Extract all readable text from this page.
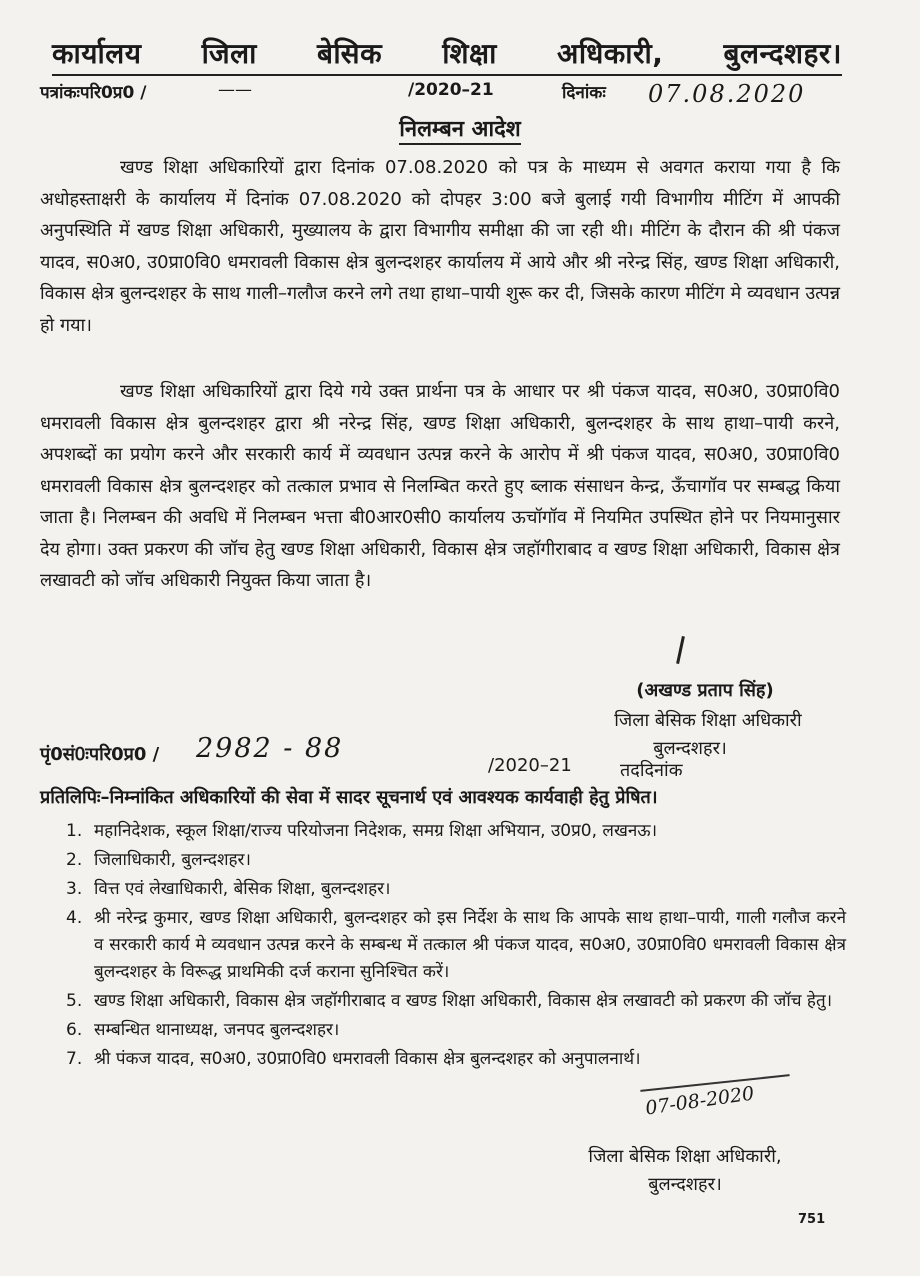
कार्यालय जिला बेसिक शिक्षा अधिकारी, बुलन्दशहर।
पत्रांकःपरि0प्र0 /	——	/2020–21	दिनांकः 07.08.2020
निलम्बन आदेश
खण्ड शिक्षा अधिकारियों द्वारा दिनांक 07.08.2020 को पत्र के माध्यम से अवगत कराया गया है कि अधोहस्ताक्षरी के कार्यालय में दिनांक 07.08.2020 को दोपहर 3:00 बजे बुलाई गयी विभागीय मीटिंग में आपकी अनुपस्थिति में खण्ड शिक्षा अधिकारी, मुख्यालय के द्वारा विभागीय समीक्षा की जा रही थी। मीटिंग के दौरान की श्री पंकज यादव, स0अ0, उ0प्रा0वि0 धमरावली विकास क्षेत्र बुलन्दशहर कार्यालय में आये और श्री नरेन्द्र सिंह, खण्ड शिक्षा अधिकारी, विकास क्षेत्र बुलन्दशहर के साथ गाली–गलौज करने लगे तथा हाथा–पायी शुरू कर दी, जिसके कारण मीटिंग मे व्यवधान उत्पन्न हो गया।
खण्ड शिक्षा अधिकारियों द्वारा दिये गये उक्त प्रार्थना पत्र के आधार पर श्री पंकज यादव, स0अ0, उ0प्रा0वि0 धमरावली विकास क्षेत्र बुलन्दशहर द्वारा श्री नरेन्द्र सिंह, खण्ड शिक्षा अधिकारी, बुलन्दशहर के साथ हाथा–पायी करने, अपशब्दों का प्रयोग करने और सरकारी कार्य में व्यवधान उत्पन्न करने के आरोप में श्री पंकज यादव, स0अ0, उ0प्रा0वि0 धमरावली विकास क्षेत्र बुलन्दशहर को तत्काल प्रभाव से निलम्बित करते हुए ब्लाक संसाधन केन्द्र, ऊँचागॉव पर सम्बद्ध किया जाता है। निलम्बन की अवधि में निलम्बन भत्ता बी0आर0सी0 कार्यालय ऊचॉगॉव में नियमित उपस्थित होने पर नियमानुसार देय होगा। उक्त प्रकरण की जॉच हेतु खण्ड शिक्षा अधिकारी, विकास क्षेत्र जहॉगीराबाद व खण्ड शिक्षा अधिकारी, विकास क्षेत्र लखावटी को जॉच अधिकारी नियुक्त किया जाता है।
(अखण्ड प्रताप सिंह)
जिला बेसिक शिक्षा अधिकारी
बुलन्दशहर।
पृं0सं0ःपरि0प्र0 / 2982 - 88
/2020–21	तददिनांक
प्रतिलिपिः–निम्नांकित अधिकारियों की सेवा में सादर सूचनार्थ एवं आवश्यक कार्यवाही हेतु प्रेषित।
1. महानिदेशक, स्कूल शिक्षा/राज्य परियोजना निदेशक, समग्र शिक्षा अभियान, उ0प्र0, लखनऊ।
2. जिलाधिकारी, बुलन्दशहर।
3. वित्त एवं लेखाधिकारी, बेसिक शिक्षा, बुलन्दशहर।
4. श्री नरेन्द्र कुमार, खण्ड शिक्षा अधिकारी, बुलन्दशहर को इस निर्देश के साथ कि आपके साथ हाथा–पायी, गाली गलौज करने व सरकारी कार्य मे व्यवधान उत्पन्न करने के सम्बन्ध में तत्काल श्री पंकज यादव, स0अ0, उ0प्रा0वि0 धमरावली विकास क्षेत्र बुलन्दशहर के विरूद्ध प्राथमिकी दर्ज कराना सुनिश्चित करें।
5. खण्ड शिक्षा अधिकारी, विकास क्षेत्र जहॉगीराबाद व खण्ड शिक्षा अधिकारी, विकास क्षेत्र लखावटी को प्रकरण की जॉच हेतु।
6. सम्बन्धित थानाध्यक्ष, जनपद बुलन्दशहर।
7. श्री पंकज यादव, स0अ0, उ0प्रा0वि0 धमरावली विकास क्षेत्र बुलन्दशहर को अनुपालनार्थ।
07-08-2020
जिला बेसिक शिक्षा अधिकारी,
बुलन्दशहर।
751
